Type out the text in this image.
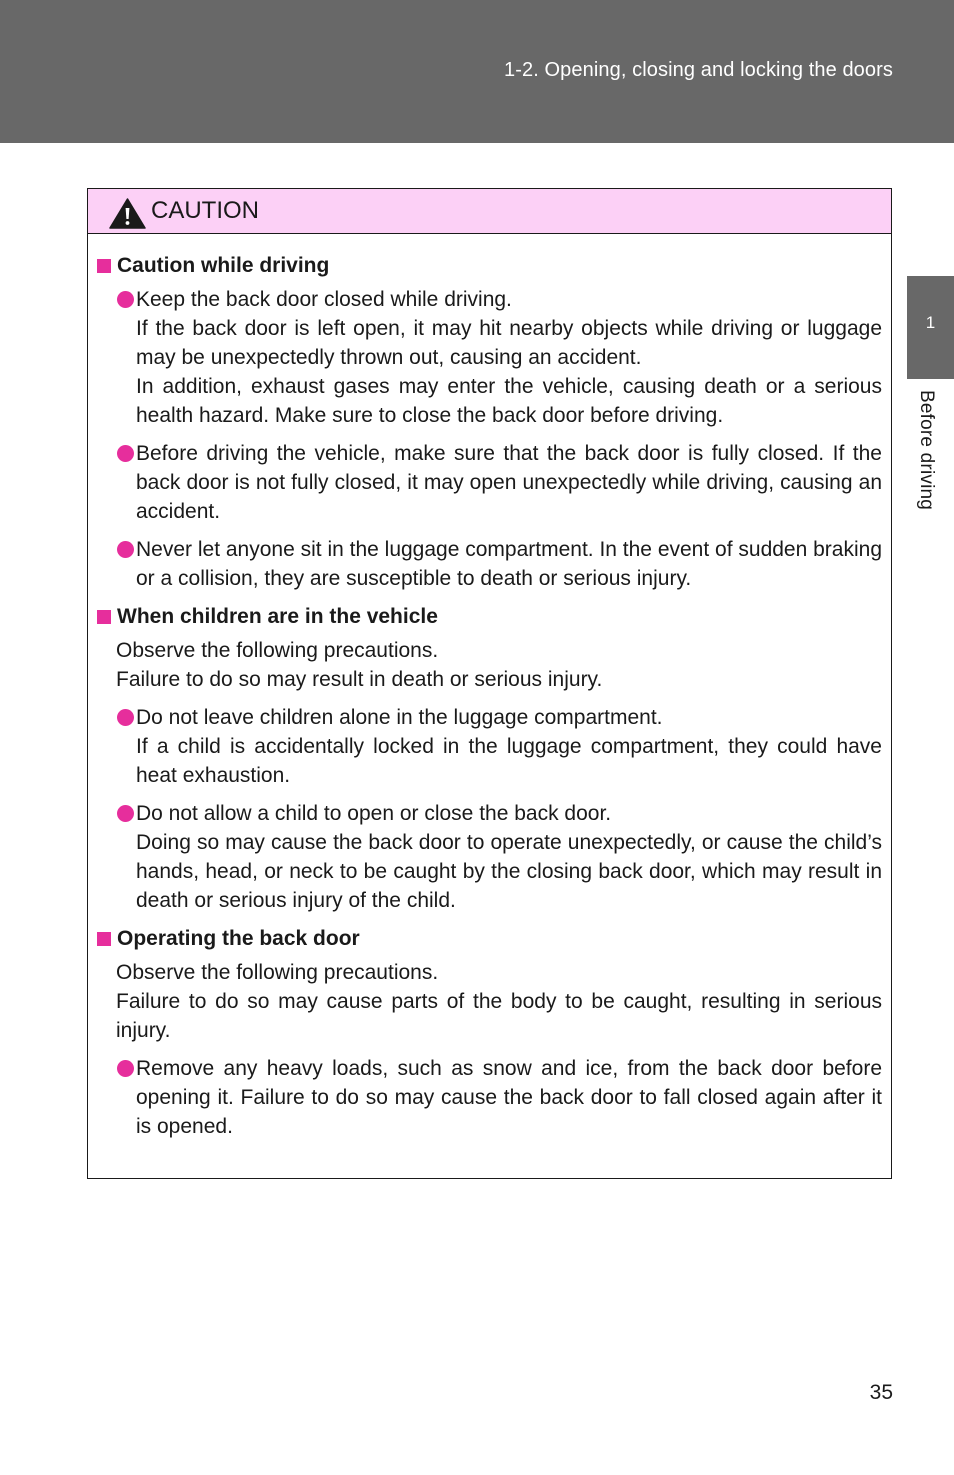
1-2. Opening, closing and locking the doors
1
Before driving
CAUTION
Caution while driving

Keep the back door closed while driving.

If the back door is left open, it may hit nearby objects while driving or luggage may be unexpectedly thrown out, causing an accident.

In addition, exhaust gases may enter the vehicle, causing death or a serious health hazard. Make sure to close the back door before driving.

Before driving the vehicle, make sure that the back door is fully closed. If the back door is not fully closed, it may open unexpectedly while driving, causing an accident.

Never let anyone sit in the luggage compartment. In the event of sudden braking or a collision, they are susceptible to death or serious injury.

When children are in the vehicle
Observe the following precautions.
Failure to do so may result in death or serious injury.

Do not leave children alone in the luggage compartment.

If a child is accidentally locked in the luggage compartment, they could have heat exhaustion.

Do not allow a child to open or close the back door.

Doing so may cause the back door to operate unexpectedly, or cause the child’s hands, head, or neck to be caught by the closing back door, which may result in death or serious injury of the child.

Operating the back door
Observe the following precautions.
Failure to do so may cause parts of the body to be caught, resulting in serious injury.

Remove any heavy loads, such as snow and ice, from the back door before opening it. Failure to do so may cause the back door to fall closed again after it is opened.

35
